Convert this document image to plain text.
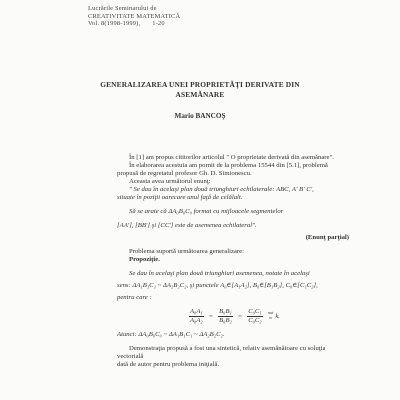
Lucrările Seminarului de
CREATIVITATE MATEMATICĂ
Vol. 8(1998-1999), 1-20
GENERALIZAREA UNEI PROPRIETĂŢI DERIVATE DIN
ASEMĂNARE
Mario BANCOŞ

În [1] am propus cititorilor articolul " O proprietate derivată din asemănare".

În elaborarea acestuia am pornit de la problema 15544 din [5.1], problemă

propusă de regretatul profesor Gh. D. Simionescu.

Aceasta avea următorul enunţ:

" Se dau în acelaşi plan două triunghiuri echilaterale: ABC, A' B' C',

situate în poziţii oarecare unul faţă de celălalt.

Să se arate că ΔA₀B₀C₀ format cu mijloacele segmentelor

[AA'], [BB'] şi [CC'] este de asemenea echilateral".

(Enunţ parţial)

Problema suportă următoarea generalizare:

Propoziţie.

Se dau în acelaşi plan două triunghiuri asemenea, notate în acelaşi

sens: ΔA₁B₁C₁ ~ ΔA₂B₂C₂, şi punctele A₀∈[A₁A₂], B₀∈[B₁B₂], C₀∈[C₁C₂],

pentru care :

$\frac{\text{A₀A₁}}{\text{A₀A₂}} = \frac{\text{B₀B₁}}{\text{B₀B₂}} = \frac{\text{C₀C₁}}{\text{C₀C₂}}$ not
= k.

Atunci: ΔA₀B₀C₀ ~ ΔA₁B₁C₁ ~ ΔA₂B₂C₂.

Demonstraţia propusă a fost una sintetică, relativ asemănătoare cu soluţia vectorială

dată de autor pentru problema iniţială.
